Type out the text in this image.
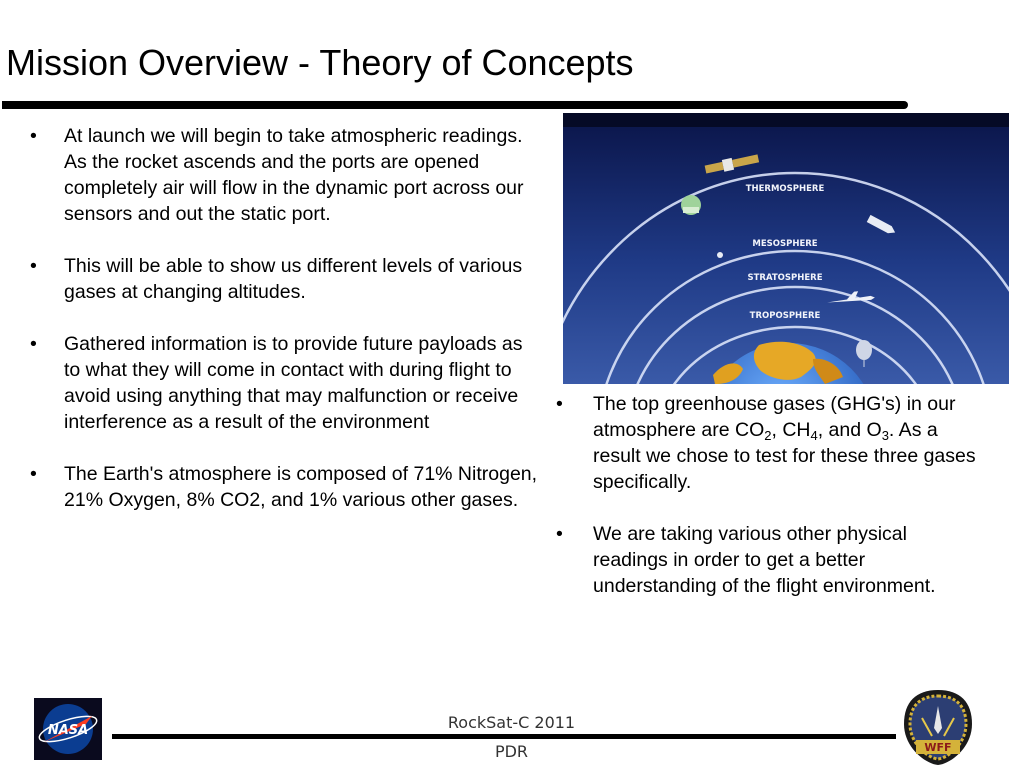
Mission Overview - Theory of Concepts
• At launch we will begin to take atmospheric readings. As the rocket ascends and the ports are opened completely air will flow in the dynamic port across our sensors and out the static port.
• This will be able to show us different levels of various gases at changing altitudes.
• Gathered information is to provide future payloads as to what they will come in contact with during flight to avoid using anything that may malfunction or receive interference as a result of the environment
• The Earth's atmosphere is composed of 71% Nitrogen, 21% Oxygen, 8% CO2, and 1% various other gases.
THERMOSPHERE
MESOSPHERE
STRATOSPHERE
TROPOSPHERE
• The top greenhouse gases (GHG's) in our atmosphere are $CO_2$, $CH_4$, and $O_3$. As a result we chose to test for these three gases specifically.
• We are taking various other physical readings in order to get a better understanding of the flight environment.
NASA	RockSat-C 2011
PDR	WFF
